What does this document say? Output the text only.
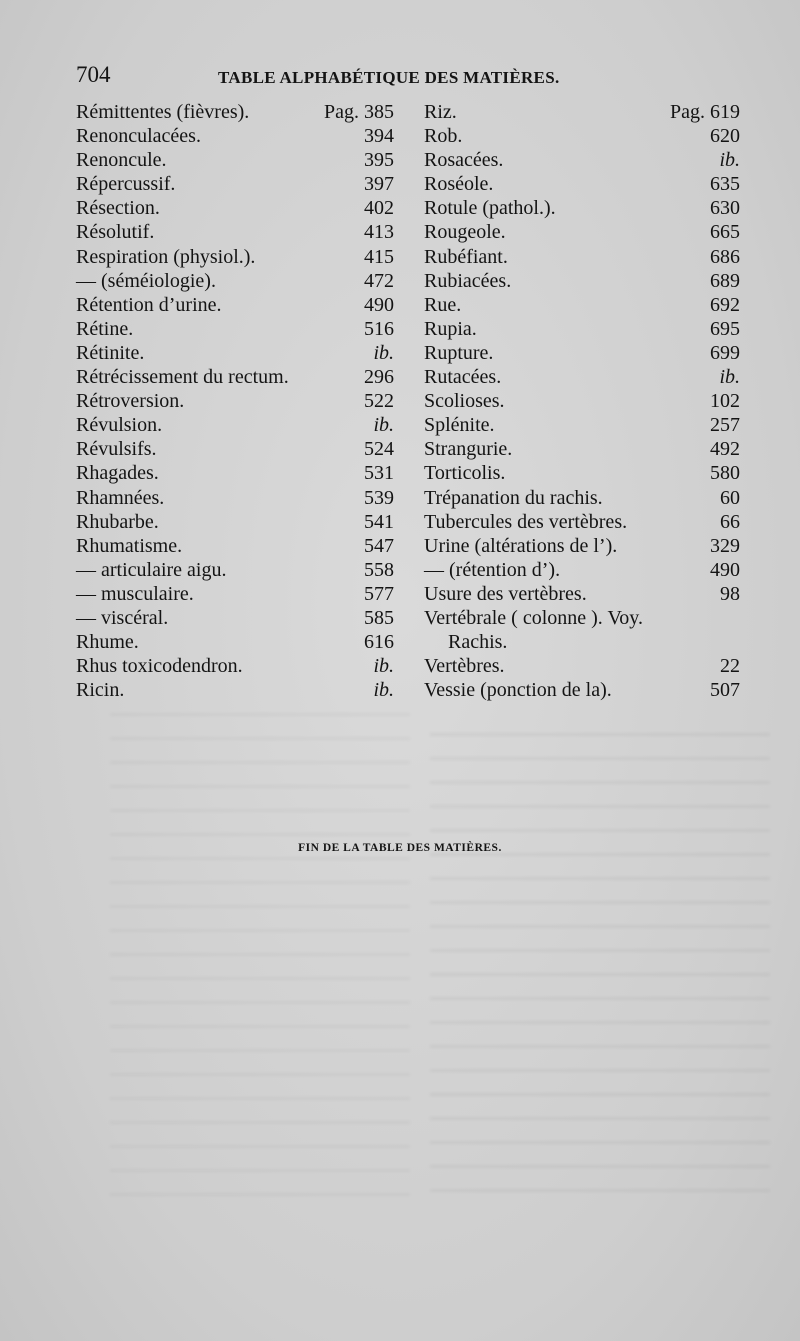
704	TABLE ALPHABÉTIQUE DES MATIÈRES.
Rémittentes (fièvres).	Pag. 385
Renonculacées.	394
Renoncule.	395
Répercussif.	397
Résection.	402
Résolutif.	413
Respiration (physiol.).	415
— (séméiologie).	472
Rétention d’urine.	490
Rétine.	516
Rétinite.	ib.
Rétrécissement du rectum.	296
Rétroversion.	522
Révulsion.	ib.
Révulsifs.	524
Rhagades.	531
Rhamnées.	539
Rhubarbe.	541
Rhumatisme.	547
— articulaire aigu.	558
— musculaire.	577
— viscéral.	585
Rhume.	616
Rhus toxicodendron.	ib.
Ricin.	ib.
Riz.	Pag. 619
Rob.	620
Rosacées.	ib.
Roséole.	635
Rotule (pathol.).	630
Rougeole.	665
Rubéfiant.	686
Rubiacées.	689
Rue.	692
Rupia.	695
Rupture.	699
Rutacées.	ib.
Scolioses.	102
Splénite.	257
Strangurie.	492
Torticolis.	580
Trépanation du rachis.	60
Tubercules des vertèbres.	66
Urine (altérations de l’).	329
— (rétention d’).	490
Usure des vertèbres.	98
Vertébrale ( colonne ). Voy.
Rachis.
Vertèbres.	22
Vessie (ponction de la).	507
FIN DE LA TABLE DES MATIÈRES.
